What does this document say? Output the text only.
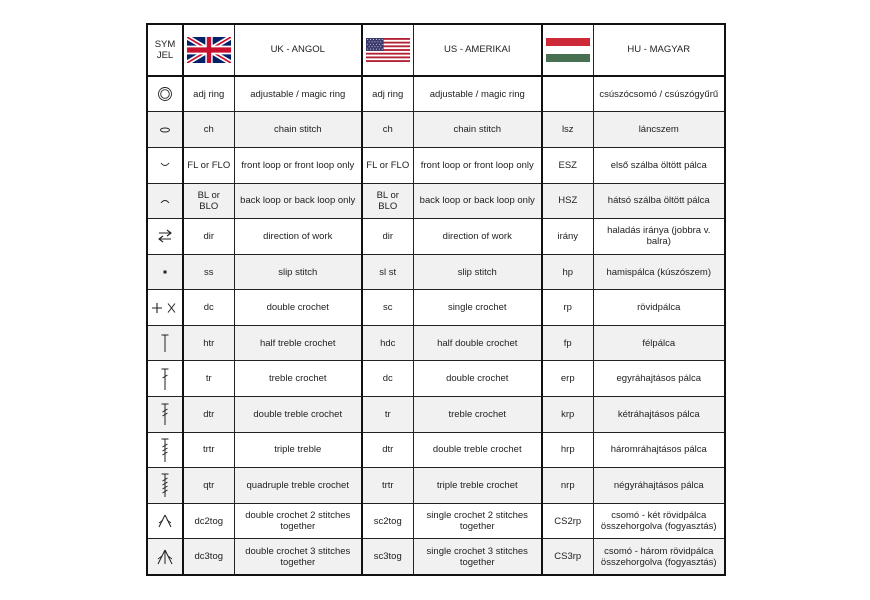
SYM
JEL		UK - ANGOL		US - AMERIKAI		HU - MAGYAR

	adj ring	adjustable / magic ring	adj ring	adjustable / magic ring		csúszócsomó / csúszógyűrű

	ch	chain stitch	ch	chain stitch	lsz	láncszem

	FL or FLO	front loop or front loop only	FL or FLO	front loop or front loop only	ESZ	első szálba öltött pálca

	BL or BLO	back loop or back loop only	BL or BLO	back loop or back loop only	HSZ	hátsó szálba öltött pálca

	dir	direction of work	dir	direction of work	irány	haladás iránya (jobbra v. balra)

	ss	slip stitch	sl st	slip stitch	hp	hamispálca (kúszószem)

	dc	double crochet	sc	single crochet	rp	rövidpálca

	htr	half treble crochet	hdc	half double crochet	fp	félpálca

	tr	treble crochet	dc	double crochet	erp	egyráhajtásos pálca

	dtr	double treble crochet	tr	treble crochet	krp	kétráhajtásos pálca

	trtr	triple treble	dtr	double treble crochet	hrp	háromráhajtásos pálca

	qtr	quadruple treble crochet	trtr	triple treble crochet	nrp	négyráhajtásos pálca

	dc2tog	double crochet 2 stitches together	sc2tog	single crochet 2 stitches together	CS2rp	csomó - két rövidpálca összehorgolva (fogyasztás)

	dc3tog	double crochet 3 stitches together	sc3tog	single crochet 3 stitches together	CS3rp	csomó - három rövidpálca összehorgolva (fogyasztás)
